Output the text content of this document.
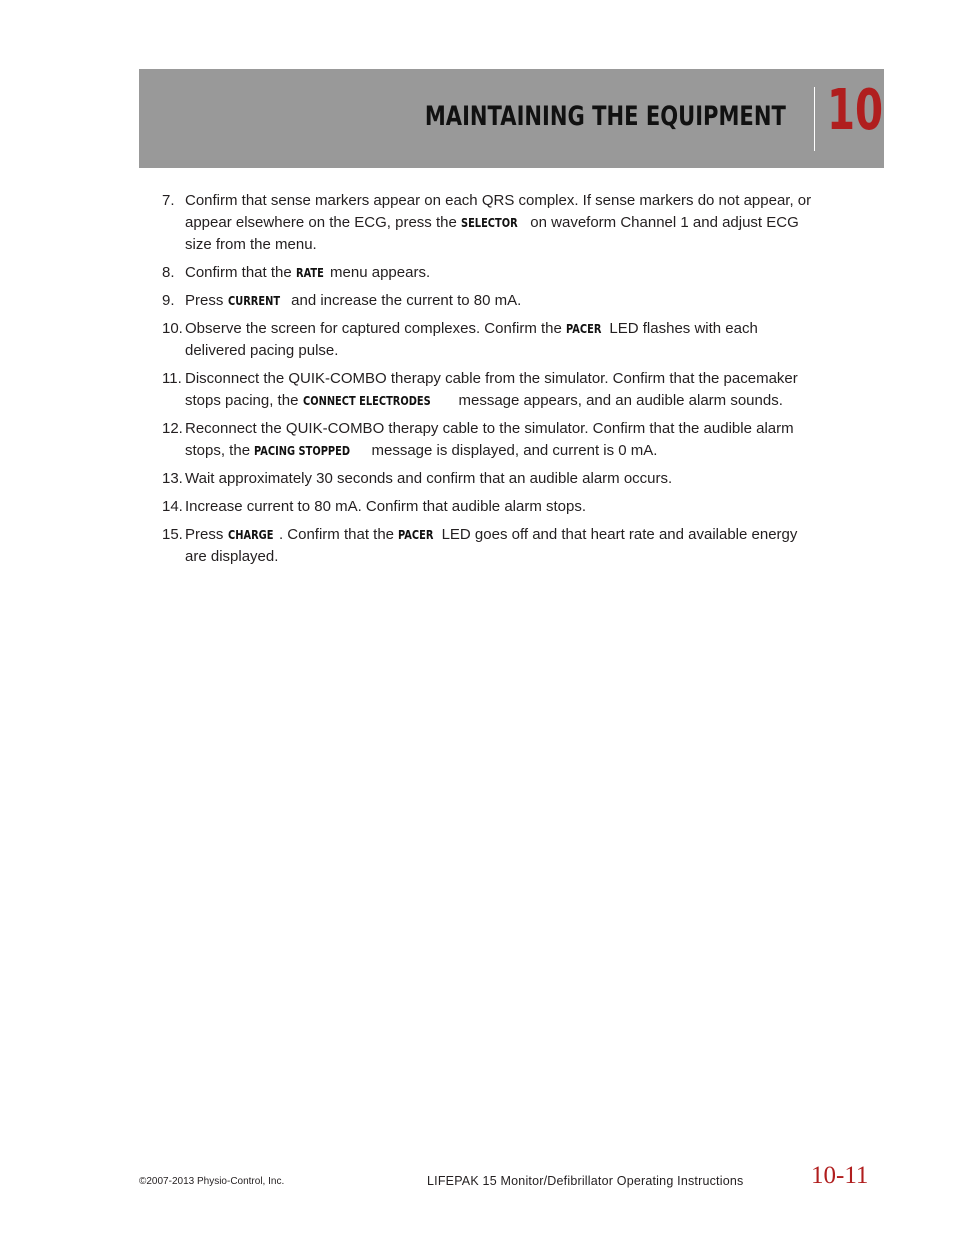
MAINTAINING THE EQUIPMENT 10
7. Confirm that sense markers appear on each QRS complex. If sense markers do not appear, or appear elsewhere on the ECG, press the SELECTOR on waveform Channel 1 and adjust ECG size from the menu.
8. Confirm that the RATE menu appears.
9. Press CURRENT and increase the current to 80 mA.
10. Observe the screen for captured complexes. Confirm the PACER LED flashes with each delivered pacing pulse.
11. Disconnect the QUIK-COMBO therapy cable from the simulator. Confirm that the pacemaker stops pacing, the CONNECT ELECTRODES message appears, and an audible alarm sounds.
12. Reconnect the QUIK-COMBO therapy cable to the simulator. Confirm that the audible alarm stops, the PACING STOPPED message is displayed, and current is 0 mA.
13. Wait approximately 30 seconds and confirm that an audible alarm occurs.
14. Increase current to 80 mA. Confirm that audible alarm stops.
15. Press CHARGE . Confirm that the PACER LED goes off and that heart rate and available energy are displayed.
©2007-2013 Physio-Control, Inc.	LIFEPAK 15 Monitor/Defibrillator Operating Instructions	10-11
